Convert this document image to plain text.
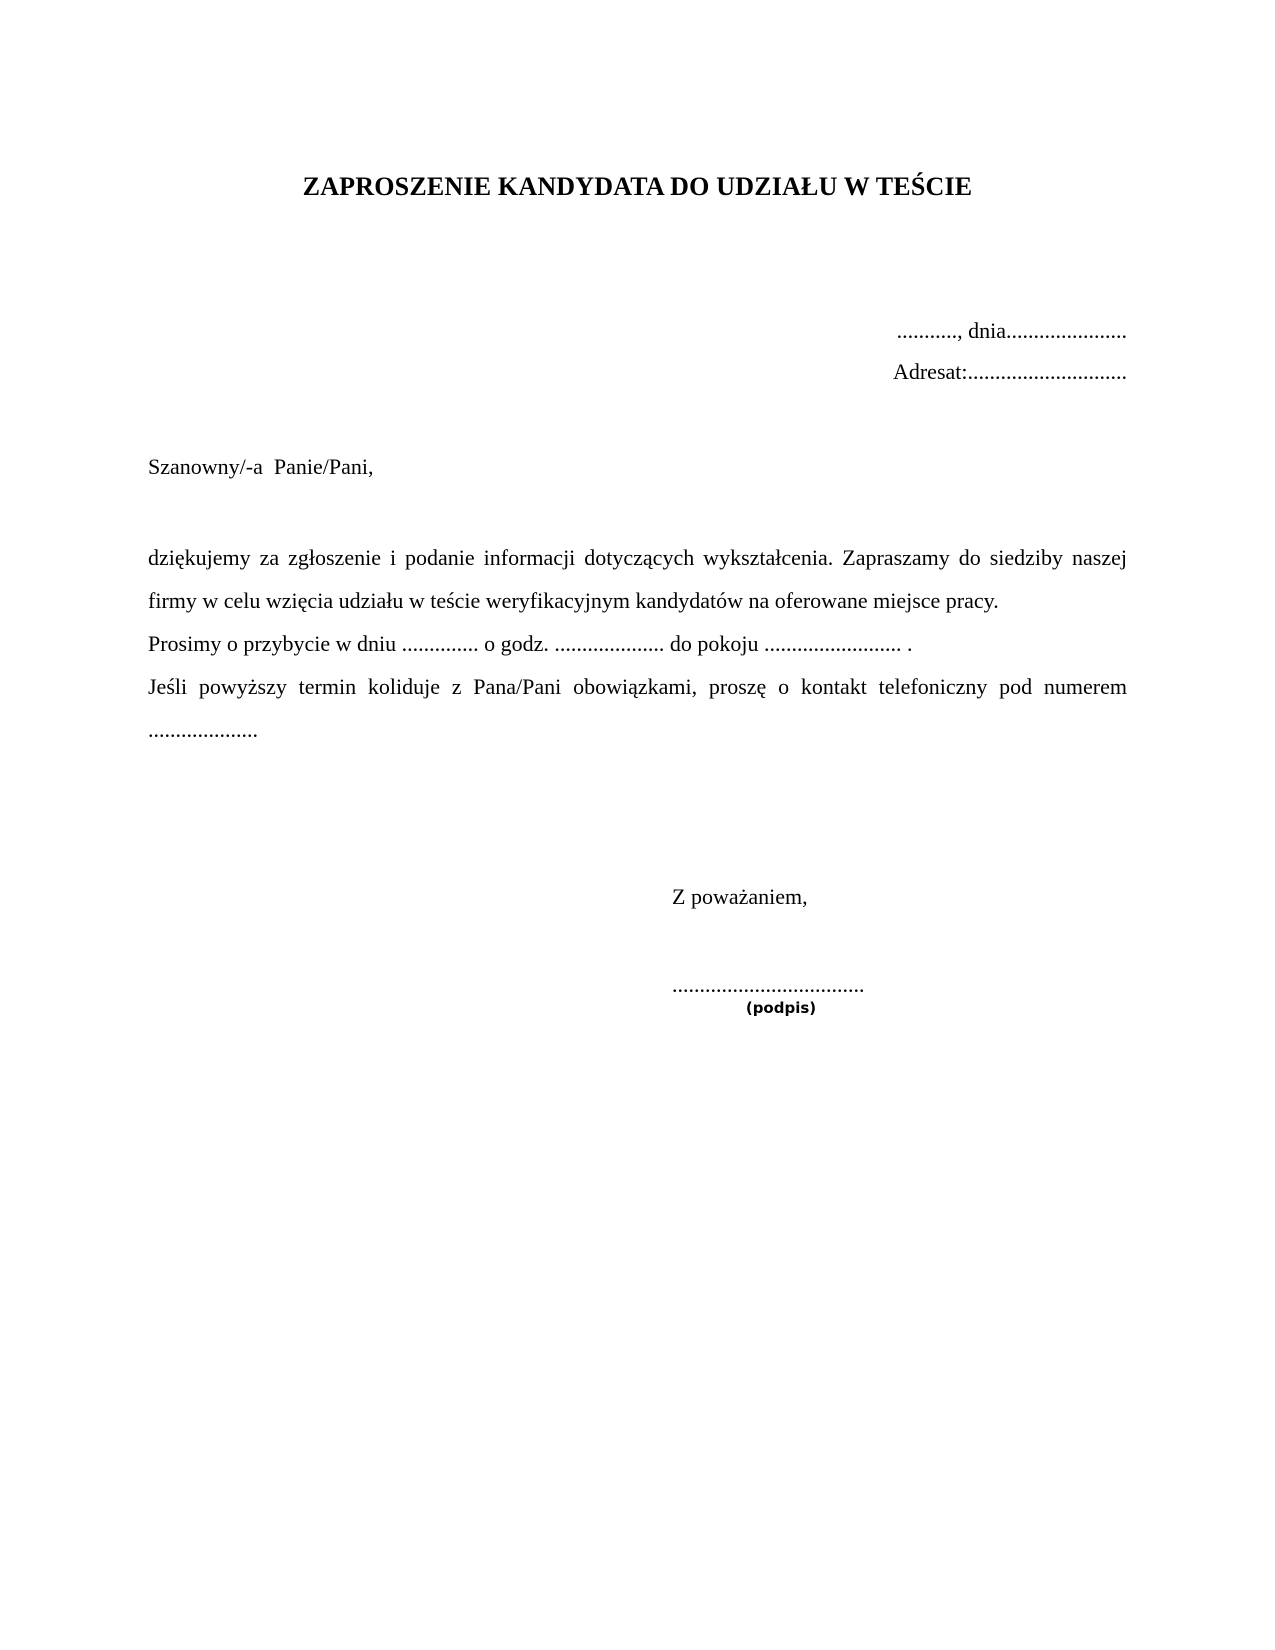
ZAPROSZENIE KANDYDATA DO UDZIAŁU W TEŚCIE

..........., dnia......................

Adresat:.............................

Szanowny/-a  Panie/Pani,

dziękujemy za zgłoszenie i podanie informacji dotyczących wykształcenia. Zapraszamy do siedziby naszej firmy w celu wzięcia udziału w teście weryfikacyjnym kandydatów na oferowane miejsce pracy.
Prosimy o przybycie w dniu .............. o godz. .................... do pokoju ......................... .
Jeśli powyższy termin koliduje z Pana/Pani obowiązkami, proszę o kontakt telefoniczny pod numerem ....................

Z poważaniem,

...................................

(podpis)
